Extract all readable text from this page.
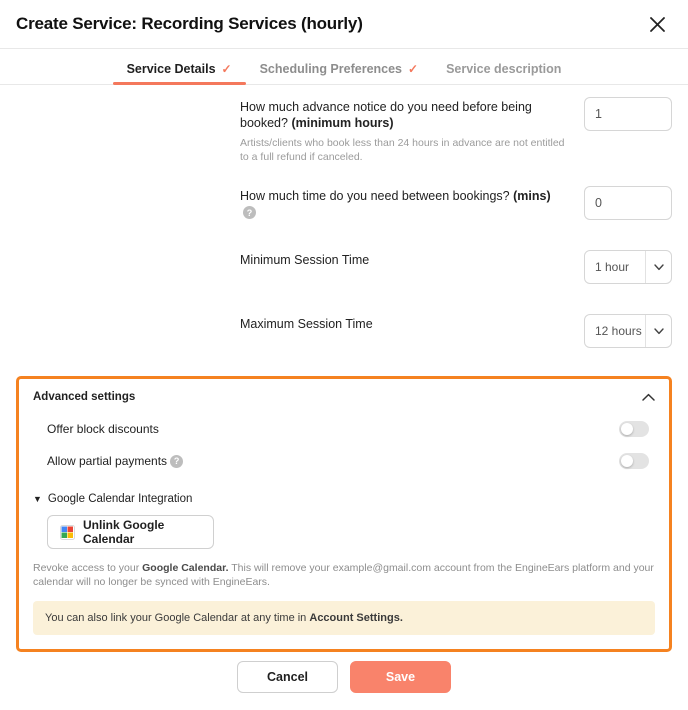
Create Service: Recording Services (hourly)
Service Details ✓ Scheduling Preferences ✓ Service description
How much advance notice do you need before being booked? (minimum hours)
Artists/clients who book less than 24 hours in advance are not entitled to a full refund if canceled.
1
How much time do you need between bookings? (mins) ?
0
Minimum Session Time	1 hour
Maximum Session Time	12 hours
Advanced settings
Offer block discounts
Allow partial payments ?
▼ Google Calendar Integration
Unlink Google Calendar
Revoke access to your Google Calendar. This will remove your example@gmail.com account from the EngineEars platform and your calendar will no longer be synced with EngineEars.
You can also link your Google Calendar at any time in Account Settings.
Cancel	Save
